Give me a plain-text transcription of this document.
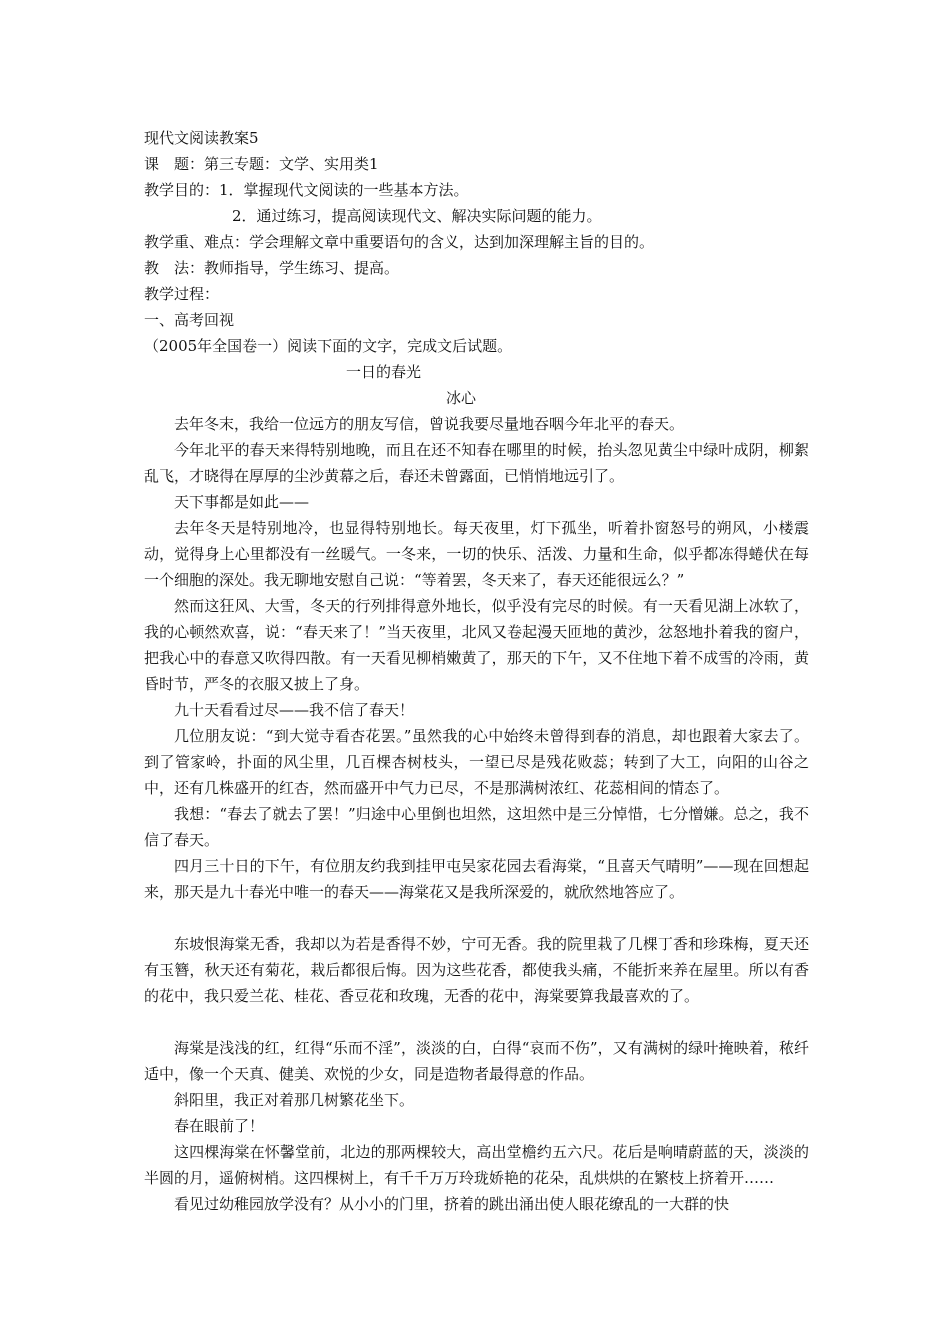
现代文阅读教案5
课　题：第三专题：文学、实用类1
教学目的：1．掌握现代文阅读的一些基本方法。
2．通过练习，提高阅读现代文、解决实际问题的能力。
教学重、难点：学会理解文章中重要语句的含义，达到加深理解主旨的目的。
教　法：教师指导，学生练习、提高。
教学过程：
一、高考回视
（2005年全国卷一）阅读下面的文字，完成文后试题。
一日的春光
冰心

去年冬末，我给一位远方的朋友写信，曾说我要尽量地吞咽今年北平的春天。

今年北平的春天来得特别地晚，而且在还不知春在哪里的时候，抬头忽见黄尘中绿叶成阴，柳絮乱飞，才晓得在厚厚的尘沙黄幕之后，春还未曾露面，已悄悄地远引了。

天下事都是如此——

去年冬天是特别地冷，也显得特别地长。每天夜里，灯下孤坐，听着扑窗怒号的朔风，小楼震动，觉得身上心里都没有一丝暖气。一冬来，一切的快乐、活泼、力量和生命，似乎都冻得蜷伏在每一个细胞的深处。我无聊地安慰自己说：“等着罢，冬天来了，春天还能很远么？”

然而这狂风、大雪，冬天的行列排得意外地长，似乎没有完尽的时候。有一天看见湖上冰软了，我的心顿然欢喜，说：“春天来了！”当天夜里，北风又卷起漫天匝地的黄沙，忿怒地扑着我的窗户，把我心中的春意又吹得四散。有一天看见柳梢嫩黄了，那天的下午，又不住地下着不成雪的冷雨，黄昏时节，严冬的衣服又披上了身。

九十天看看过尽——我不信了春天！

几位朋友说：“到大觉寺看杏花罢。”虽然我的心中始终未曾得到春的消息，却也跟着大家去了。到了管家岭，扑面的风尘里，几百棵杏树枝头，一望已尽是残花败蕊；转到了大工，向阳的山谷之中，还有几株盛开的红杏，然而盛开中气力已尽，不是那满树浓红、花蕊相间的情态了。

我想：“春去了就去了罢！”归途中心里倒也坦然，这坦然中是三分悼惜，七分憎嫌。总之，我不信了春天。

四月三十日的下午，有位朋友约我到挂甲屯吴家花园去看海棠，“且喜天气晴明”——现在回想起来，那天是九十春光中唯一的春天——海棠花又是我所深爱的，就欣然地答应了。

东坡恨海棠无香，我却以为若是香得不妙，宁可无香。我的院里栽了几棵丁香和珍珠梅，夏天还有玉簪，秋天还有菊花，栽后都很后悔。因为这些花香，都使我头痛，不能折来养在屋里。所以有香的花中，我只爱兰花、桂花、香豆花和玫瑰，无香的花中，海棠要算我最喜欢的了。

海棠是浅浅的红，红得“乐而不淫”，淡淡的白，白得“哀而不伤”，又有满树的绿叶掩映着，秾纤适中，像一个天真、健美、欢悦的少女，同是造物者最得意的作品。

斜阳里，我正对着那几树繁花坐下。

春在眼前了！

这四棵海棠在怀馨堂前，北边的那两棵较大，高出堂檐约五六尺。花后是响晴蔚蓝的天，淡淡的半圆的月，遥俯树梢。这四棵树上，有千千万万玲珑娇艳的花朵，乱烘烘的在繁枝上挤着开……

看见过幼稚园放学没有？从小小的门里，挤着的跳出涌出使人眼花缭乱的一大群的快
